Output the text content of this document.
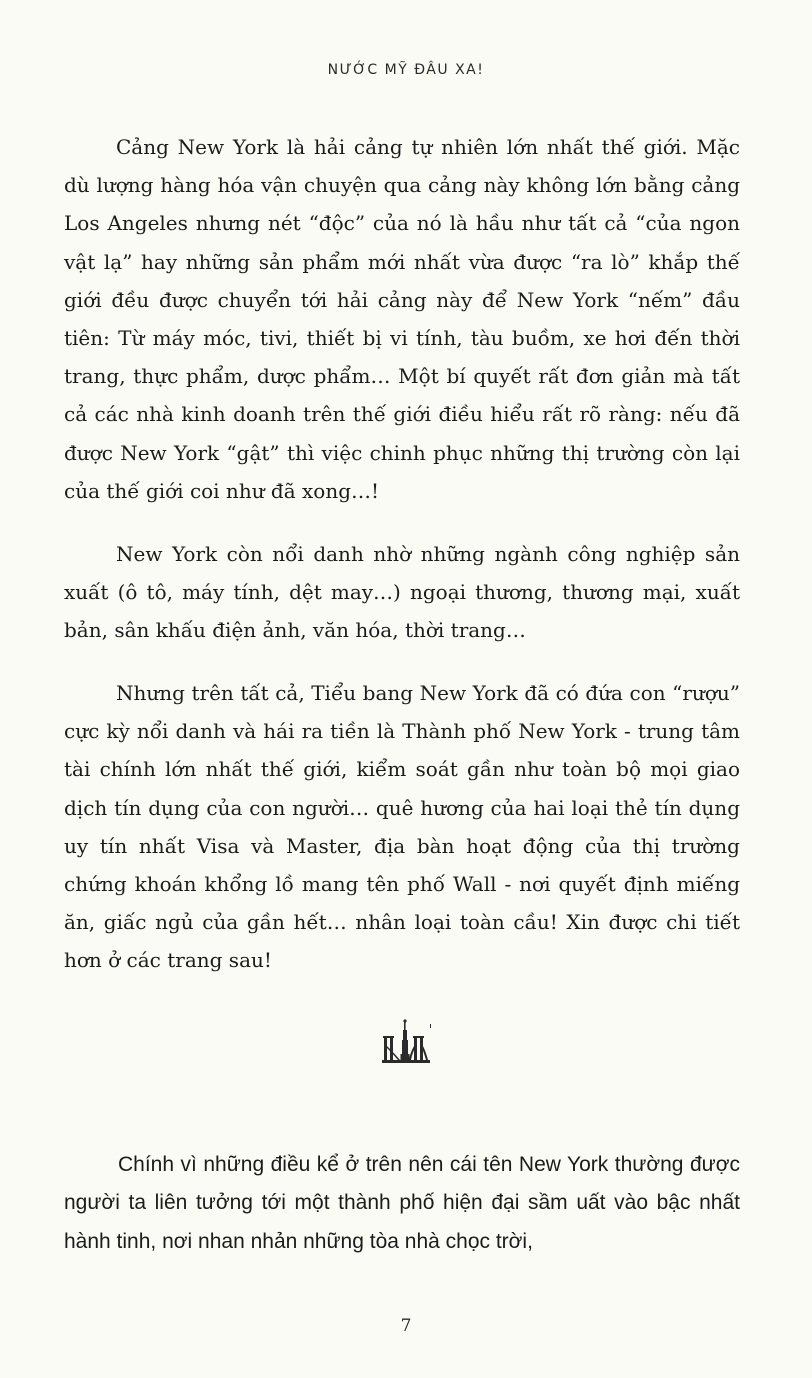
NƯỚC MỸ ĐÂU XA!

Cảng New York là hải cảng tự nhiên lớn nhất thế giới. Mặc dù lượng hàng hóa vận chuyện qua cảng này không lớn bằng cảng Los Angeles nhưng nét “độc” của nó là hầu như tất cả “của ngon vật lạ” hay những sản phẩm mới nhất vừa được “ra lò” khắp thế giới đều được chuyển tới hải cảng này để New York “nếm” đầu tiên: Từ máy móc, tivi, thiết bị vi tính, tàu buồm, xe hơi đến thời trang, thực phẩm, dược phẩm… Một bí quyết rất đơn giản mà tất cả các nhà kinh doanh trên thế giới điều hiểu rất rõ ràng: nếu đã được New York “gật” thì việc chinh phục những thị trường còn lại của thế giới coi như đã xong…!

New York còn nổi danh nhờ những ngành công nghiệp sản xuất (ô tô, máy tính, dệt may…) ngoại thương, thương mại, xuất bản, sân khấu điện ảnh, văn hóa, thời trang…

Nhưng trên tất cả, Tiểu bang New York đã có đứa con “rượu” cực kỳ nổi danh và hái ra tiền là Thành phố New York - trung tâm tài chính lớn nhất thế giới, kiểm soát gần như toàn bộ mọi giao dịch tín dụng của con người… quê hương của hai loại thẻ tín dụng uy tín nhất Visa và Master, địa bàn hoạt động của thị trường chứng khoán khổng lồ mang tên phố Wall - nơi quyết định miếng ăn, giấc ngủ của gần hết… nhân loại toàn cầu! Xin được chi tiết hơn ở các trang sau!

Chính vì những điều kể ở trên nên cái tên New York thường được người ta liên tưởng tới một thành phố hiện đại sầm uất vào bậc nhất hành tinh, nơi nhan nhản những tòa nhà chọc trời,

7
